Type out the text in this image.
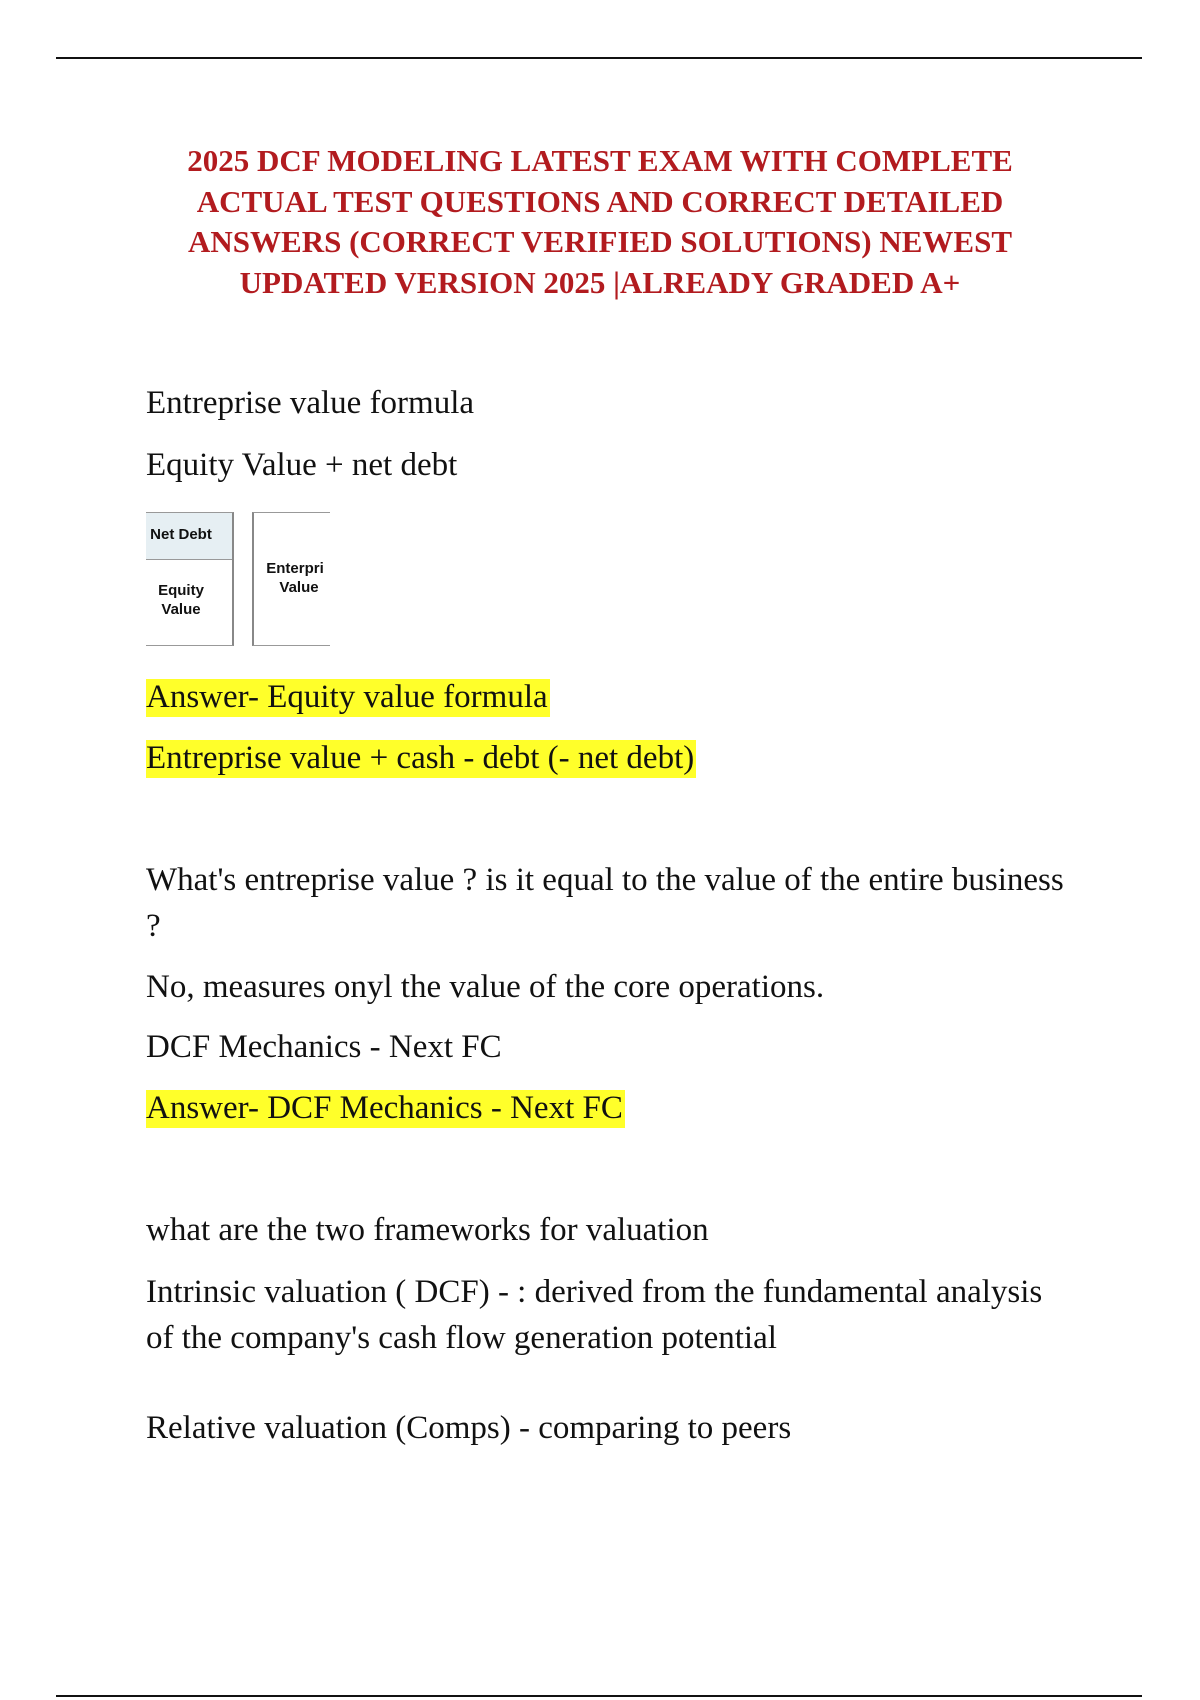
2025 DCF MODELING LATEST EXAM WITH COMPLETE
ACTUAL TEST QUESTIONS AND CORRECT DETAILED
ANSWERS (CORRECT VERIFIED SOLUTIONS) NEWEST
UPDATED VERSION 2025 |ALREADY GRADED A+

Entreprise value formula

Equity Value + net debt

Net Debt
Equity
Value
Enterpri
Value

Answer- Equity value formula

Entreprise value + cash - debt (- net debt)

What's entreprise value ? is it equal to the value of the entire business ?

No, measures onyl the value of the core operations.

DCF Mechanics - Next FC

Answer- DCF Mechanics - Next FC

what are the two frameworks for valuation

Intrinsic valuation ( DCF) - : derived from the fundamental analysis of the company's cash flow generation potential

Relative valuation (Comps) - comparing to peers
